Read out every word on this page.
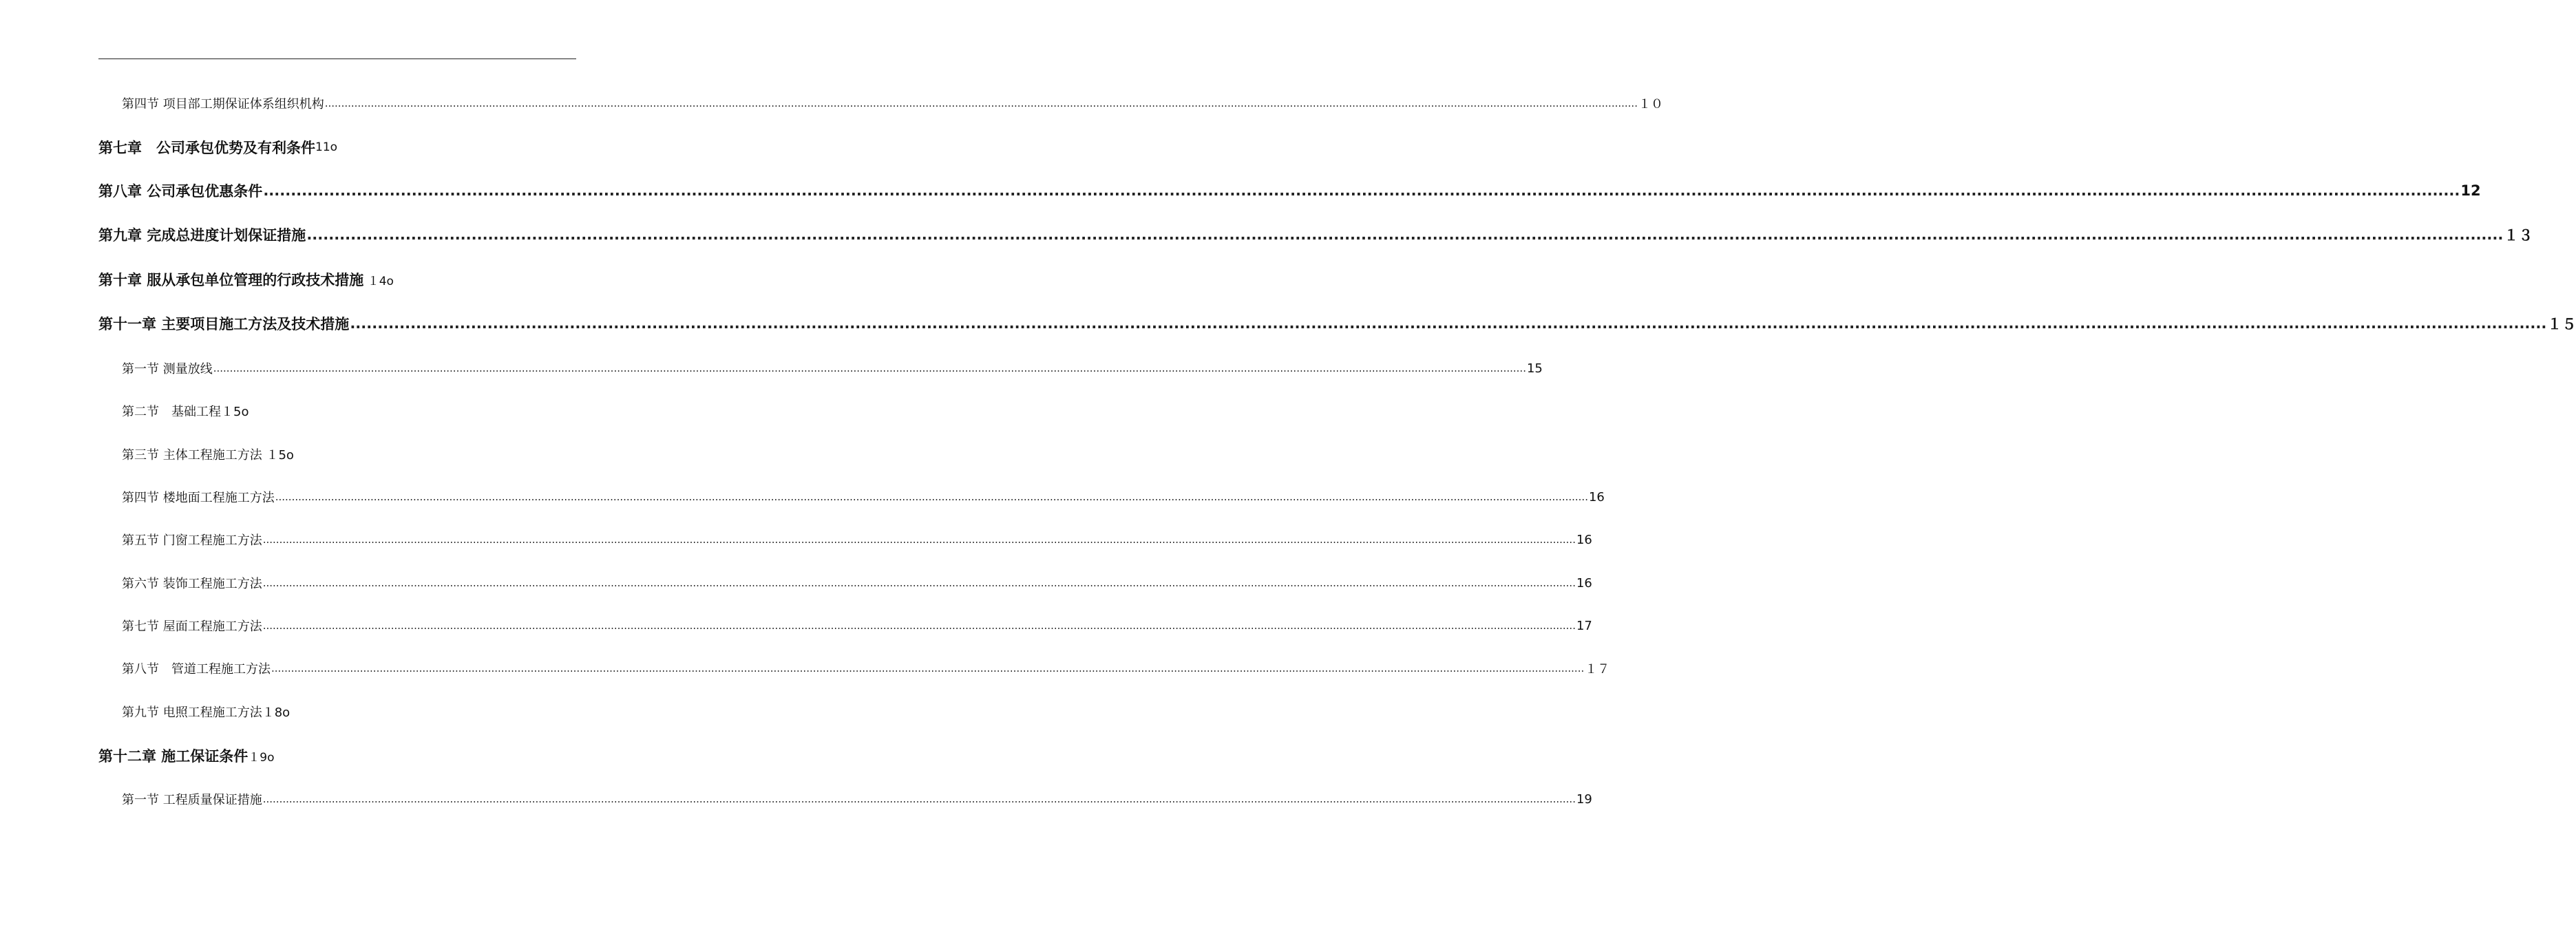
第四节 项目部工期保证体系组织机构 ................................................................................................................................................................................................................................................................................................................................................................................................................ １０
第七章　公司承包优势及有利条件 11o
第八章 公司承包优惠条件 ................................................................................................................................................................................................................................................................................................................................................................................................................ 12
第九章 完成总进度计划保证措施 ................................................................................................................................................................................................................................................................................................................................................................................................................ １３
第十章 服从承包单位管理的行政技术措施 １4o
第十一章 主要项目施工方法及技术措施 ................................................................................................................................................................................................................................................................................................................................................................................................................ １５
第一节 测量放线 ................................................................................................................................................................................................................................................................................................................................................................................................................ 15
第二节　基础工程 １5o
第三节 主体工程施工方法 １5o
第四节 楼地面工程施工方法 ................................................................................................................................................................................................................................................................................................................................................................................................................ 16
第五节 门窗工程施工方法 ................................................................................................................................................................................................................................................................................................................................................................................................................ 16
第六节 装饰工程施工方法 ................................................................................................................................................................................................................................................................................................................................................................................................................ 16
第七节 屋面工程施工方法 ................................................................................................................................................................................................................................................................................................................................................................................................................ 17
第八节　管道工程施工方法 ................................................................................................................................................................................................................................................................................................................................................................................................................ １７
第九节 电照工程施工方法 １8o
第十二章 施工保证条件 １9o
第一节 工程质量保证措施 ................................................................................................................................................................................................................................................................................................................................................................................................................ 19
